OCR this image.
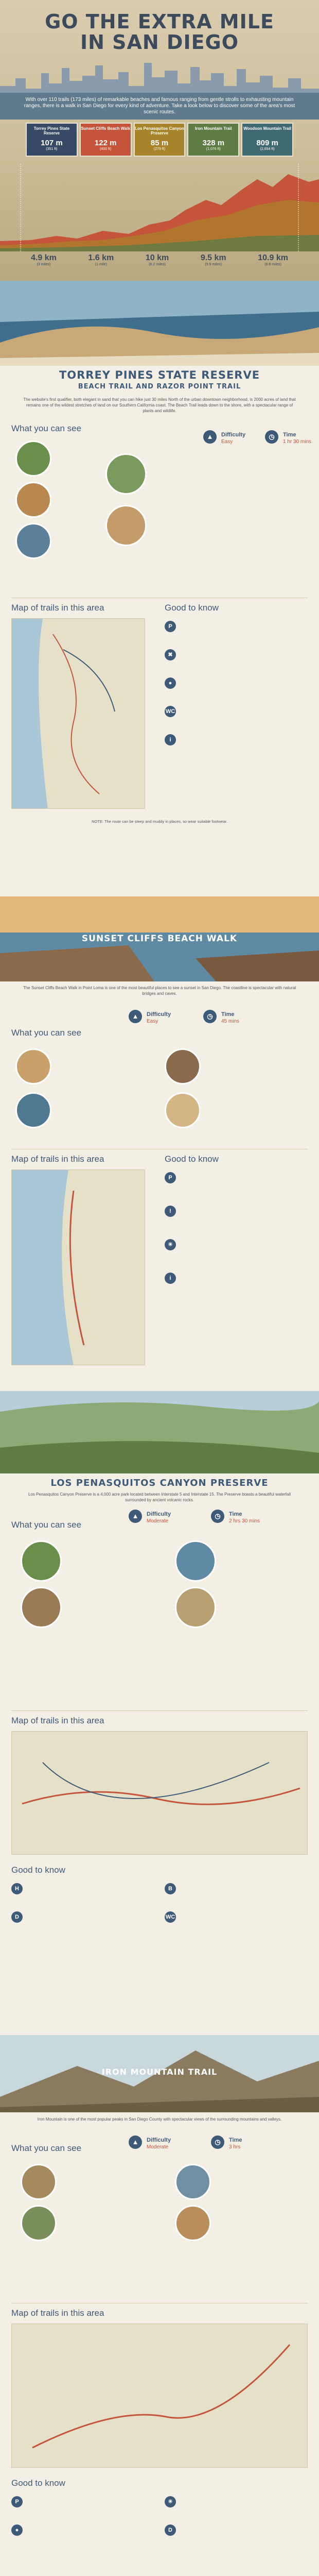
GO THE EXTRA MILE
IN SAN DIEGO
With over 110 trails (173 miles) of remarkable beaches and famous ranging from gentle strolls to exhausting mountain ranges, there is a walk in San Diego for every kind of adventure. Take a look below to discover some of the area's most scenic routes.
Torrey Pines State Reserve
107 m
(351 ft)
Sunset Cliffs Beach Walk
122 m
(400 ft)
Los Penasquitos Canyon Preserve
85 m
(279 ft)
Iron Mountain Trail
328 m
(1,076 ft)
Woodson Mountain Trail
809 m
(2,654 ft)
4.9 km
(3 miles)
1.6 km
(1 mile)
10 km
(6.2 miles)
9.5 km
(5.9 miles)
10.9 km
(6.8 miles)
TORREY PINES STATE RESERVE
BEACH TRAIL AND RAZOR POINT TRAIL
The website's first qualifier, both elegant in sand that you can hike just 30 miles North of the urban downtown neighborhood, is 2000 acres of land that remains one of the wildest stretches of land on our Southern California coast. The Beach Trail leads down to the shore, with a spectacular range of plants and wildlife.
What you can see
▲	Difficulty
Easy
◷	Time
1 hr 30 mins
Map of trails in this area	Good to know
P
✖
●
WC
i
NOTE: The route can be steep and muddy in places, so wear suitable footwear.
SUNSET CLIFFS BEACH WALK
The Sunset Cliffs Beach Walk in Point Loma is one of the most beautiful places to see a sunset in San Diego. The coastline is spectacular with natural bridges and caves.
What you can see
▲	Difficulty
Easy
◷	Time
45 mins
Map of trails in this area	Good to know
P
!
☀
i
LOS PENASQUITOS CANYON PRESERVE
Los Penasquitos Canyon Preserve is a 4,000 acre park located between Interstate 5 and Interstate 15. The Preserve boasts a beautiful waterfall surrounded by ancient volcanic rocks.
What you can see
▲	Difficulty
Moderate
◷	Time
2 hrs 30 mins
Map of trails in this area
Good to know
H	B
D	WC
IRON MOUNTAIN TRAIL
Iron Mountain is one of the most popular peaks in San Diego County with spectacular views of the surrounding mountains and valleys.
What you can see
▲	Difficulty
Moderate
◷	Time
3 hrs
Map of trails in this area
Good to know
P	☀
●	D
